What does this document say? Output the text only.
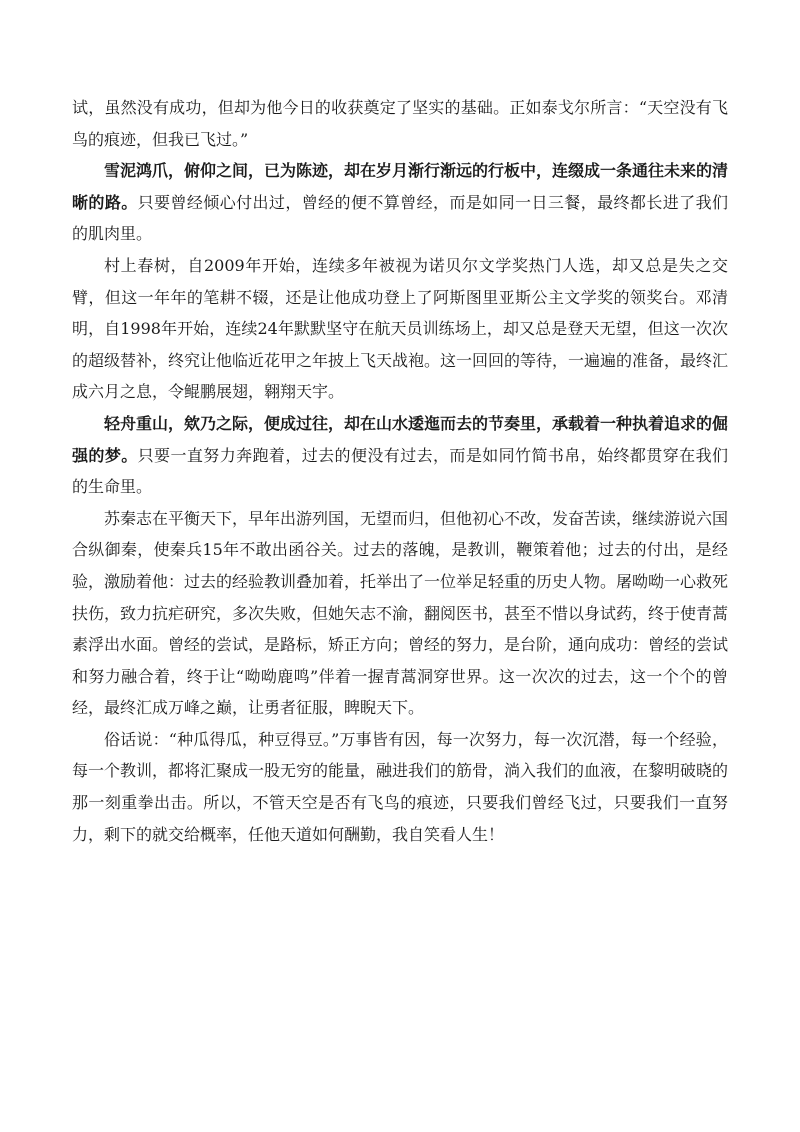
试，虽然没有成功，但却为他今日的收获奠定了坚实的基础。正如泰戈尔所言：“天空没有飞鸟的痕迹，但我已飞过。”

雪泥鸿爪，俯仰之间，已为陈迹，却在岁月渐行渐远的行板中，连缀成一条通往未来的清晰的路。只要曾经倾心付出过，曾经的便不算曾经，而是如同一日三餐，最终都长进了我们的肌肉里。

村上春树，自2009年开始，连续多年被视为诺贝尔文学奖热门人选，却又总是失之交臂，但这一年年的笔耕不辍，还是让他成功登上了阿斯图里亚斯公主文学奖的领奖台。邓清明，自1998年开始，连续24年默默坚守在航天员训练场上，却又总是登天无望，但这一次次的超级替补，终究让他临近花甲之年披上飞天战袍。这一回回的等待，一遍遍的准备，最终汇成六月之息，令鲲鹏展翅，翱翔天宇。

轻舟重山，欸乃之际，便成过往，却在山水逶迤而去的节奏里，承载着一种执着追求的倔强的梦。只要一直努力奔跑着，过去的便没有过去，而是如同竹简书帛，始终都贯穿在我们的生命里。

苏秦志在平衡天下，早年出游列国，无望而归，但他初心不改，发奋苦读，继续游说六国合纵御秦，使秦兵15年不敢出函谷关。过去的落魄，是教训，鞭策着他；过去的付出，是经验，激励着他：过去的经验教训叠加着，托举出了一位举足轻重的历史人物。屠呦呦一心救死扶伤，致力抗疟研究，多次失败，但她矢志不渝，翻阅医书，甚至不惜以身试药，终于使青蒿素浮出水面。曾经的尝试，是路标，矫正方向；曾经的努力，是台阶，通向成功：曾经的尝试和努力融合着，终于让“呦呦鹿鸣”伴着一握青蒿洞穿世界。这一次次的过去，这一个个的曾经，最终汇成万峰之巅，让勇者征服，睥睨天下。

俗话说：“种瓜得瓜，种豆得豆。”万事皆有因，每一次努力，每一次沉潜，每一个经验，每一个教训，都将汇聚成一股无穷的能量，融进我们的筋骨，淌入我们的血液，在黎明破晓的那一刻重拳出击。所以，不管天空是否有飞鸟的痕迹，只要我们曾经飞过，只要我们一直努力，剩下的就交给概率，任他天道如何酬勤，我自笑看人生！
